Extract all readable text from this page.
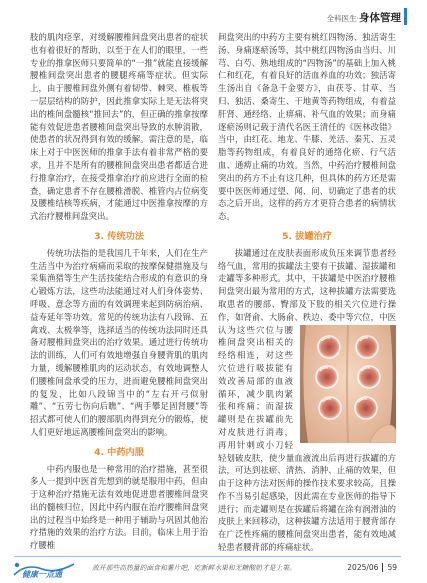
全科医生· 身体管理

肢的肌肉痉挛，对缓解腰椎间盘突出患者的症状也有着很好的帮助，以至于在人们的眼里，一些专业的推拿医师只要简单的“一推”就能直接缓解腰椎间盘突出患者的腰腿疼痛等症状。但实际上，由于腰椎间盘外侧有着韧带、棘突、椎板等一层层结构的防护，因此推拿实际上是无法将突出的椎间盘髓核“推回去”的，但正确的推拿按摩能有效促进患者腰椎间盘突出导致的水肿消散，使患者的状况得到有效的缓解。需注意的是，临床上对于中医医师的推拿手法有着非常严格的要求，且并不是所有的腰椎间盘突出患者都适合进行推拿治疗，在接受推拿治疗前应进行全面的检查，确定患者不存在腰椎滑脱、椎管内占位病变及腰椎结核等疾病，才能通过中医推拿按摩的方式治疗腰椎间盘突出。

3. 传统功法

传统功法指的是我国几千年来，人们在生产生活当中为治疗病痛而采取的按摩保健措施及与采集渔猎等生产生活技能结合形成的有意识的身心锻炼方法，这些功法能通过对人们身体姿势、呼吸、意念等方面的有效调理来起到防病治病、益寿延年等功效。常见的传统功法有八段锦、五禽戏、太极拳等，选择适当的传统功法同时还具备对腰椎间盘突出的治疗效果。通过进行传统功法的训练，人们可有效地增强自身腰背肌的肌肉力量，缓解腰椎肌肉的运动状态，有效地调整人们腰椎间盘承受的压力，进而避免腰椎间盘突出的复发，比如八段锦当中的“左右开弓似射雕”、“五劳七伤向后瞧”、“两手攀足固肾腰”等招式都可使人们的腰部肌肉得到充分的锻炼，使人们更好地远离腰椎间盘突出的影响。

4. 中药内服

中药内服也是一种常用的治疗措施，甚至很多人一提到中医首先想到的就是服用中药，但由于这种治疗措施无法有效地促进患者腰椎间盘突出的髓核归位，因此中药内服在治疗腰椎间盘突出的过程当中始终是一种用于辅助与巩固其他治疗措施的效果的治疗方法。目前，临床上用于治疗腰椎

间盘突出的中药方主要有桃红四物汤、独活寄生汤、身痛逐瘀汤等，其中桃红四物汤由当归、川芎、白芍、熟地组成的“四物汤”的基础上加入桃仁和红花，有着良好的活血养血的功效；独活寄生汤出自《备急千金要方》，由茯苓、甘草、当归、独活、桑寄生、干地黄等药物组成，有着益肝肾、通经络、止痹痛、补气血的效果；而身痛逐瘀汤则记载于清代名医王清任的《医林改错》当中，由红花、地龙、牛膝、羌活、秦艽、五灵脂等药物组成，有着良好的通络化瘀、行气活血、通痹止痛的功效。当然，中药治疗腰椎间盘突出的药方不止有这几种，但具体的药方还是需要中医医师通过望、闻、问、切确定了患者的状态之后开出，这样的药方才更符合患者的病情状态。

5. 拔罐治疗

拔罐通过在皮肤表面形成负压来调节患者经络气血，常用的拔罐法主要有干拔罐、湿拔罐和走罐等多种形式。其中，干拔罐是中医治疗腰椎间盘突出最为常用的方式，这种拔罐方法需要选取患者的腰部、臀部及下肢的相关穴位进行操作，如肾俞、大肠俞、秩边、委中等穴位，中医认为这些穴位与腰椎间盘突出相关的经络相连，对这些穴位进行吸拔能有效改善局部的血液循环，减少肌肉紧张和疼痛；而湿拔罐则是在拔罐前先对皮肤进行消毒，再用针刺或小刀轻轻划破皮肤，使少量血液流出后再进行拔罐的方法，可达到祛瘀、清热、消肿、止痛的效果，但由于这种方法对医师的操作技术要求较高，且操作不当易引起感染，因此需在专业医师的指导下进行；而走罐则是在拔罐后将罐在涂有润滑油的皮肤上来回移动，这种拔罐方法适用于腰背部存在广泛性疼痛的腰椎间盘突出患者，能有效地减轻患者腰背部的疼痛症状。

健康一点通
放开那些高热量的面食和薯片吧，吃新鲜水果和无糖酸奶才是上策。	2025/06 59
